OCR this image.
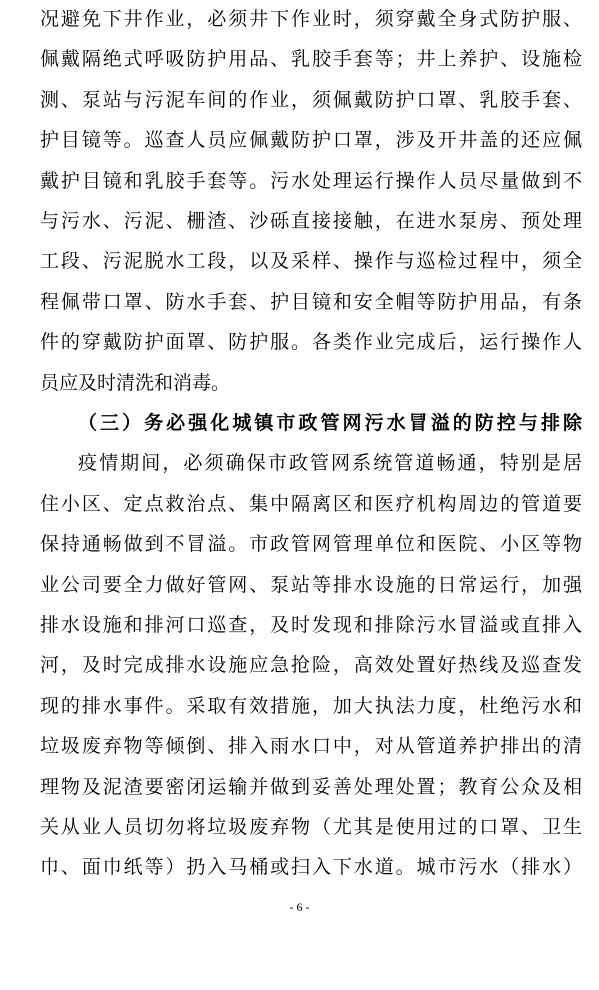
况避免下井作业，必须井下作业时，须穿戴全身式防护服、
佩戴隔绝式呼吸防护用品、乳胶手套等；井上养护、设施检
测、泵站与污泥车间的作业，须佩戴防护口罩、乳胶手套、
护目镜等。巡查人员应佩戴防护口罩，涉及开井盖的还应佩
戴护目镜和乳胶手套等。污水处理运行操作人员尽量做到不
与污水、污泥、栅渣、沙砾直接接触，在进水泵房、预处理
工段、污泥脱水工段，以及采样、操作与巡检过程中，须全
程佩带口罩、防水手套、护目镜和安全帽等防护用品，有条
件的穿戴防护面罩、防护服。各类作业完成后，运行操作人
员应及时清洗和消毒。
（三）务必强化城镇市政管网污水冒溢的防控与排除
疫情期间，必须确保市政管网系统管道畅通，特别是居
住小区、定点救治点、集中隔离区和医疗机构周边的管道要
保持通畅做到不冒溢。市政管网管理单位和医院、小区等物
业公司要全力做好管网、泵站等排水设施的日常运行，加强
排水设施和排河口巡查，及时发现和排除污水冒溢或直排入
河，及时完成排水设施应急抢险，高效处置好热线及巡查发
现的排水事件。采取有效措施，加大执法力度，杜绝污水和
垃圾废弃物等倾倒、排入雨水口中，对从管道养护排出的清
理物及泥渣要密闭运输并做到妥善处理处置；教育公众及相
关从业人员切勿将垃圾废弃物（尤其是使用过的口罩、卫生
巾、面巾纸等）扔入马桶或扫入下水道。城市污水（排水）
- 6 -
